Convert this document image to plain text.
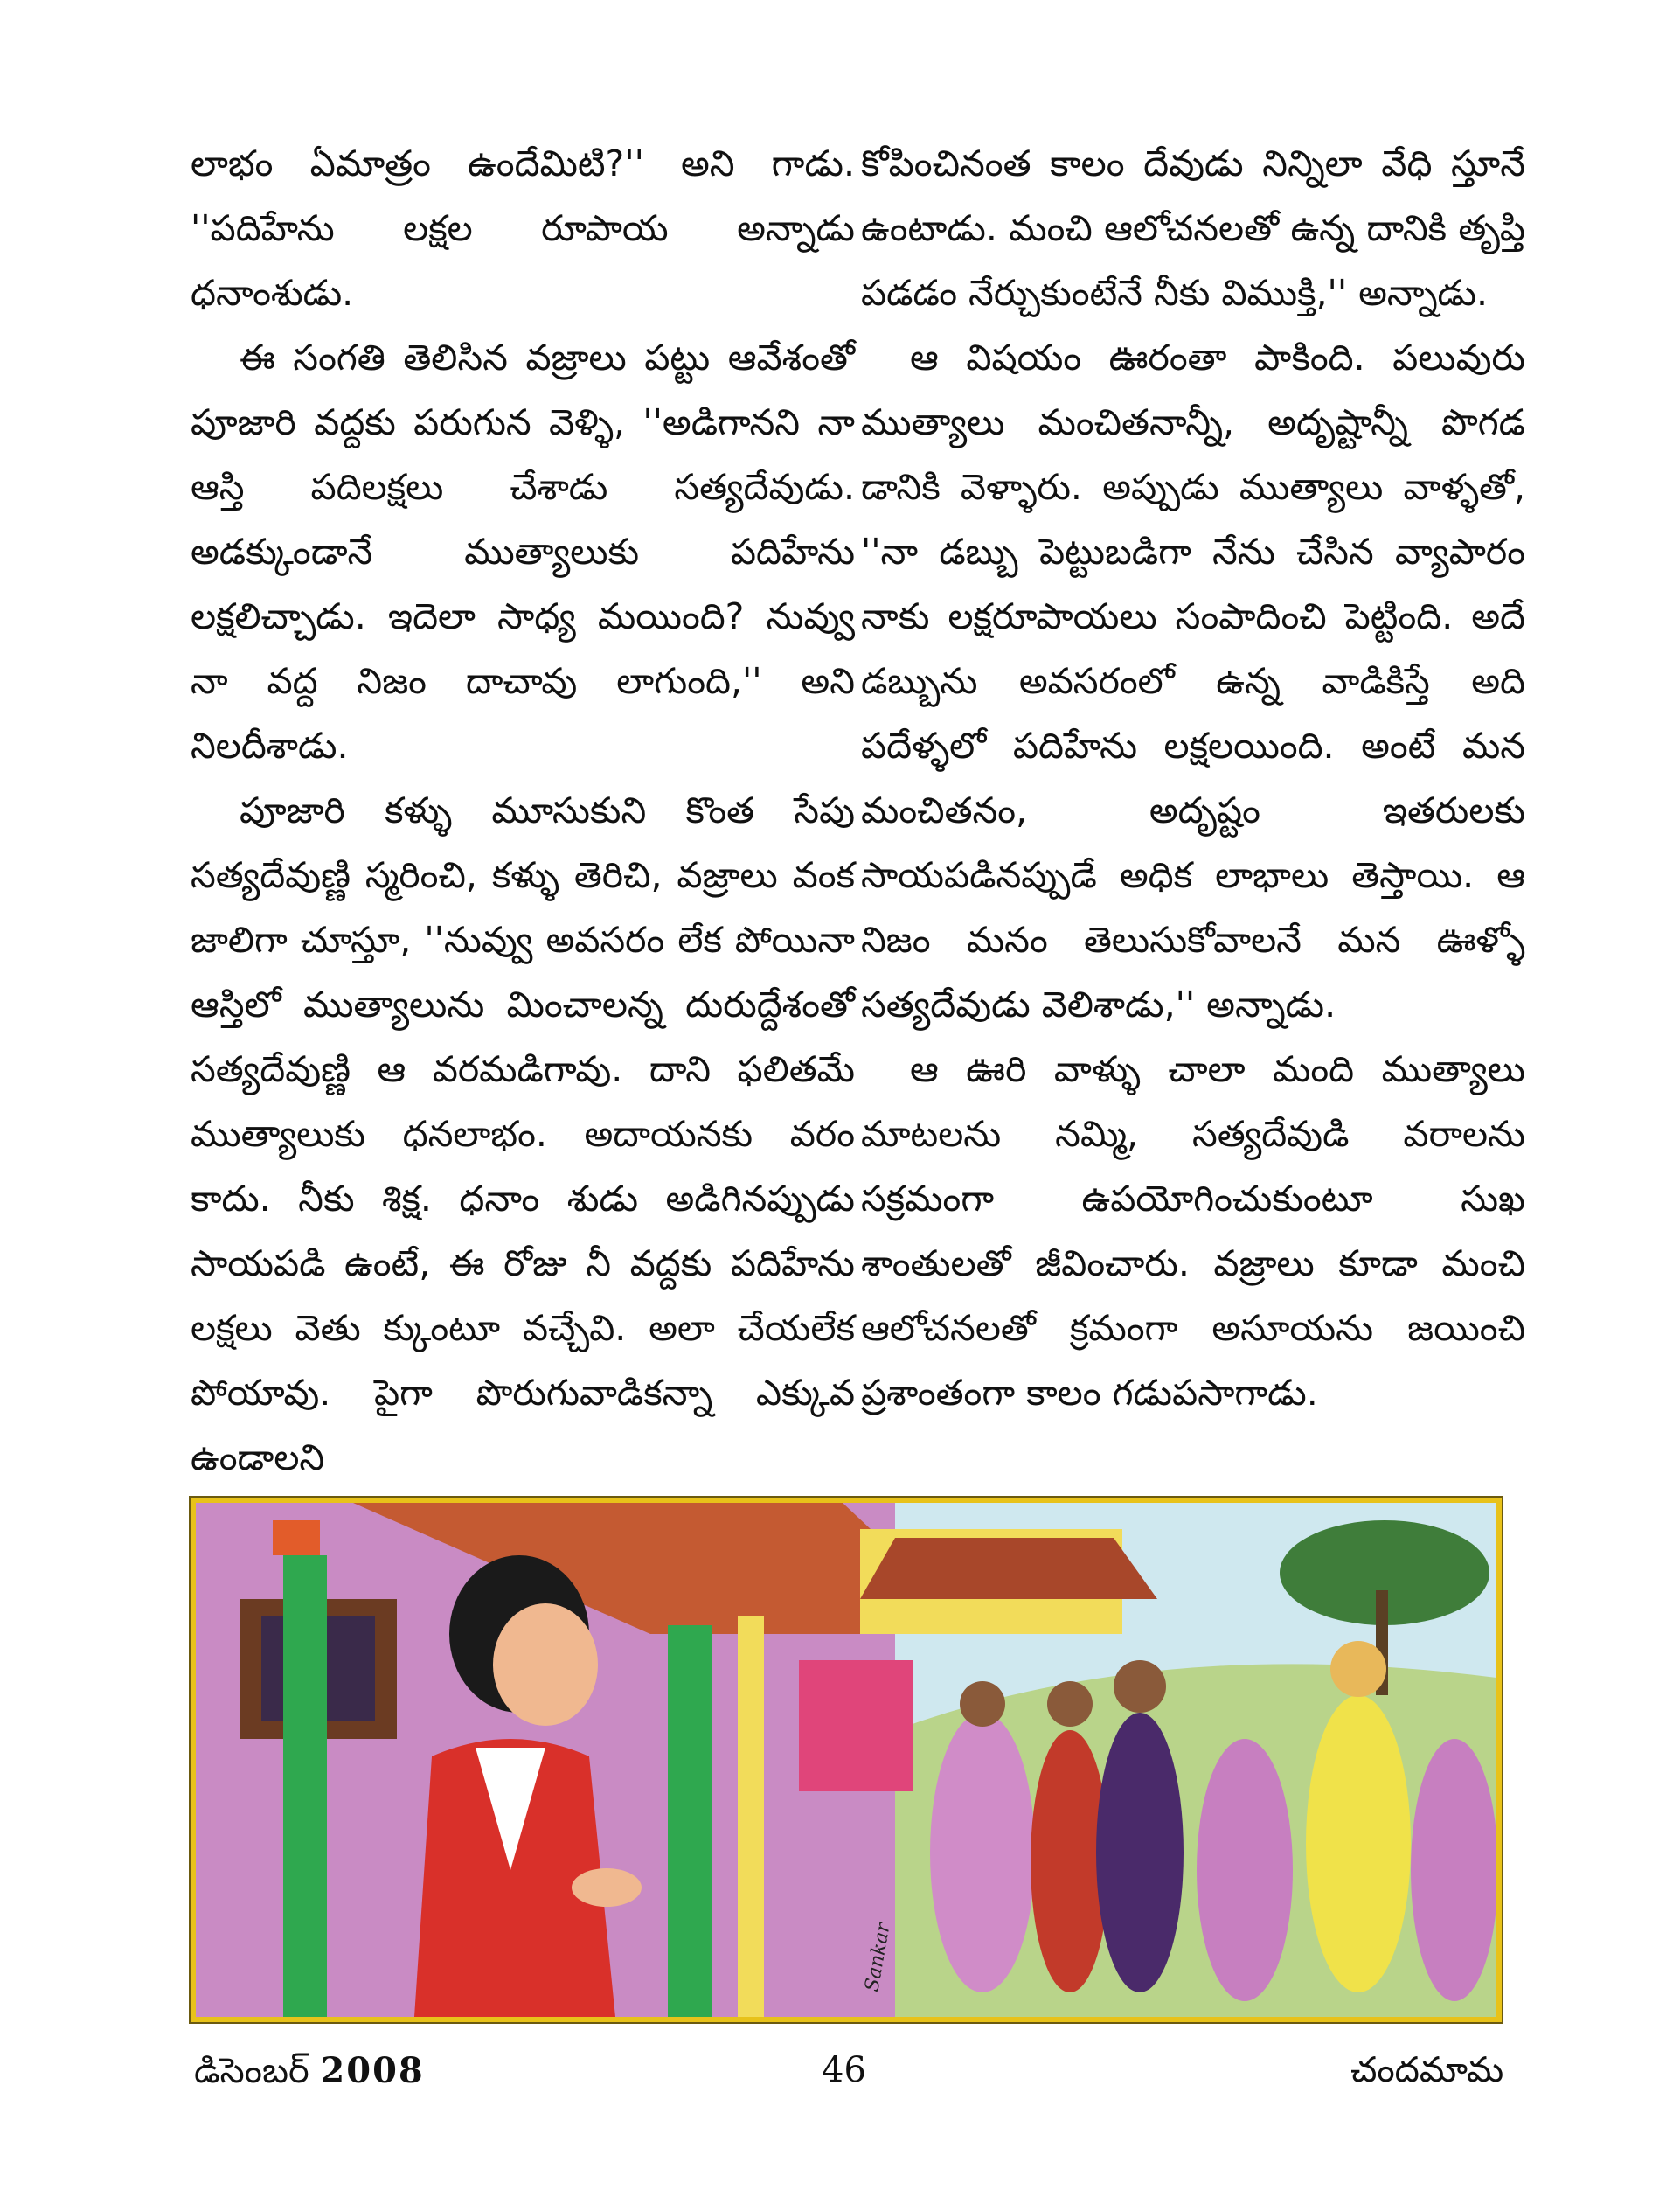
లాభం ఏమాత్రం ఉందేమిటి?'' అని గాడు. ''పదిహేను లక్షల రూపాయ అన్నాడు ధనాంశుడు.

ఈ సంగతి తెలిసిన వజ్రాలు పట్టు ఆవేశంతో పూజారి వద్దకు పరుగున వెళ్ళి, ''అడిగానని నా ఆస్తి పదిలక్షలు చేశాడు సత్యదేవుడు. అడక్కుండానే ముత్యాలుకు పదిహేను లక్షలిచ్చాడు. ఇదెలా సాధ్య మయింది? నువ్వు నా వద్ద నిజం దాచావు లాగుంది,'' అని నిలదీశాడు.

పూజారి కళ్ళు మూసుకుని కొంత సేపు సత్యదేవుణ్ణి స్మరించి, కళ్ళు తెరిచి, వజ్రాలు వంక జాలిగా చూస్తూ, ''నువ్వు అవసరం లేక పోయినా ఆస్తిలో ముత్యాలును మించాలన్న దురుద్దేశంతో సత్యదేవుణ్ణి ఆ వరమడిగావు. దాని ఫలితమే ముత్యాలుకు ధనలాభం. అదాయనకు వరం కాదు. నీకు శిక్ష. ధనాం శుడు అడిగినప్పుడు సాయపడి ఉంటే, ఈ రోజు నీ వద్దకు పదిహేను లక్షలు వెతు క్కుంటూ వచ్చేవి. అలా చేయలేక పోయావు. పైగా పొరుగువాడికన్నా ఎక్కువ ఉండాలని

కోపించినంత కాలం దేవుడు నిన్నిలా వేధి స్తూనే ఉంటాడు. మంచి ఆలోచనలతో ఉన్న దానికి తృప్తి పడడం నేర్చుకుంటేనే నీకు విముక్తి,'' అన్నాడు.

ఆ విషయం ఊరంతా పాకింది. పలువురు ముత్యాలు మంచితనాన్నీ, అదృష్టాన్నీ పొగడ డానికి వెళ్ళారు. అప్పుడు ముత్యాలు వాళ్ళతో, ''నా డబ్బు పెట్టుబడిగా నేను చేసిన వ్యాపారం నాకు లక్షరూపాయలు సంపాదించి పెట్టింది. అదే డబ్బును అవసరంలో ఉన్న వాడికిస్తే అది పదేళ్ళలో పదిహేను లక్షలయింది. అంటే మన మంచితనం, అదృష్టం ఇతరులకు సాయపడినప్పుడే అధిక లాభాలు తెస్తాయి. ఆ నిజం మనం తెలుసుకోవాలనే మన ఊళ్ళో సత్యదేవుడు వెలిశాడు,'' అన్నాడు.

ఆ ఊరి వాళ్ళు చాలా మంది ముత్యాలు మాటలను నమ్మి, సత్యదేవుడి వరాలను సక్రమంగా ఉపయోగించుకుంటూ సుఖ శాంతులతో జీవించారు. వజ్రాలు కూడా మంచి ఆలోచనలతో క్రమంగా అసూయను జయించి ప్రశాంతంగా కాలం గడుపసాగాడు.

Sankar
డిసెంబర్ 2008	46	చందమామ
